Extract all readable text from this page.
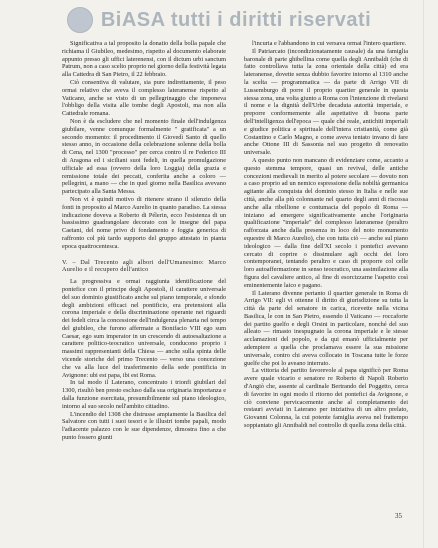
BiASA tutti i diritti riservati

Significativa a tal proposito la donatio della bolla papale che richiama il Giubileo, medesimo, rispetto al documento elaborate appunto presso gli uffici laterenensi, con il dictum urbi sanctum Patrum, non a caso scelto proprio nel giorno della festività legata alla Cattedra di San Pietro, il 22 febbraio.

Ciò consentiva di valutare, sia pure indirettamente, il peso ormai relativo che aveva il complesso lateranense rispetto al Vaticano, anche se visto di un pellegrinaggio che imponeva l'obbligo della visita alle tombe degli Apostoli, ma non alla Cattedrale romana.

Non è da escludere che nel momento finale dell'indulgenza giubilare, venne comunque formalmente " gratificata" a un secondo momento: il procedimento il Giovedì Santo di quello stesso anno, in occasione della celebrazione solenne della bolla di Cena, nel 1300 "processo" per cerca contro il re Federico III di Aragona ed i siciliani suoi fedeli, in quella promulgazione ufficiale ad essa (ovvero della loro Loggia) della grazia e remissione totale dei peccati, conferita anche a coloro — pellegrini, a mano — che in quel giorno nella Basilica avevano partecipato alla Santa Messa.

Non vi è quindi motivo di ritenere strano il silenzio della fonti in proposito al Marco Aurelio in quanto paradiso. La stessa indicazione doveva a Roberto di Pélerin, ecco l'esistenza di un bassissimo guadrangolare decorato con le insegne del papa Caetani, del nome privo di fondamento e foggia generica di raffronto col più tardo supporto del gruppo attestato in pianta epoca quattrocentesca.

V. – Dal Trecento agli albori dell'Umanesimo: Marco Aurelio e il recupero dell'antico

La progressiva e ormai raggiunta identificazione del pontefice con il principe degli Apostoli, il carattere universale del suo dominio giustificato anche sul piano temporale, e sfondo degli ambizioni efficaci nel pontificio, era pretensioni alla corona imperiale e della discriminazione operante nei riguardi dei fedeli circa la concessione dell'indulgenza plenaria nel tempo del giubileo, che furono affermate a Bonifacio VIII ego sum Caesar, ego sum imperator in un crescendo di autoesaltazione a carattere politico-teocratico universale, conducono proprio i massimi rappresentanti della Chiesa — anche sulla spinta delle vicende storiche del primo Trecento — verso una concezione che va alla luce del trasferimento della sede pontificia in Avignone: ubi est papa, ibi est Roma.

In tal modo il Laterano, concentrato i trionfi giubilari del 1300, risultò ben presto escluso dalla sua originaria importanza e dalla funzione esercitata, presumibilmente sul piano ideologico, intorno al suo secolo nell'ambito cittadino.

L'incendio del 1308 che distrusse ampiamente la Basilica del Salvatore con tutti i suoi tesori e le illustri tombe papali, modo l'adiacente palazzo con le sue dipendenze, dimostra fino a che punto fossero giunti

l'incuria e l'abbandono in cui versava ormai l'intero quartiere.

Il Patriarcato (incondizionatamente causale) da una famiglia baronale di parte ghibellina come quella degli Annibaldi (che di fatto controllava tutta la zona orientale della città) ed era lateranense, dovette senza dubbio favorire intorno al 1310 anche la scelta — programmatica — da parte di Arrigo VII di Lussemburgo di porre il proprio quartier generale in questa stessa zona, una volta giunto a Roma con l'intenzione di rivelarsi il nome e la dignità dell'Urbe decaduta autorità imperiale, e preporre conformemente alle aspettative di buona parte dell'intelligenza dell'epoca — quale ché reale, antichiti imperiali e giudice politica e spirituale dell'intera cristianità, come già Costantino e Carlo Magno, e come aveva tentato invano di fare anche Ottone III di Sassonia nel suo progetto di renovatio universale.

A questo punto non mancano di evidenziare come, accanto a questo stemma tempore, quasi un revival, delle antiche concezioni medievali in merito al potere secolare — dovuto non a caso proprio ad un nemico espressione della nobiltà germanica agitante alla conquista del dominio stesso in Italia e nelle sue città, anche alla più colonnante nel quarto degli anni di riscossa anche alla ribellione e contumacia del popolo di Roma — iniziano ad emergere significativamente anche l'originaria qualificazione "imperiale" del complesso lateranense (peraltro rafforzata anche dalla presenza in loco del noto monumento equestre di Marco Aurelio), che con tutta ciò — anche sul piano ideologico — dalla fine dell'XI secolo i pontefici avevano cercato di coprire o dissimulare agli occhi dei loro contemporanei, tentando peraltro e caso di proporre col celle loro autoaffermazione in senso teocratico, una assimilazione alla figura del cavaliere antico, al fine di esorcizzarne l'aspetto così eminentemente laico e pagano.

Il Laterano divenne pertanto il quartier generale in Roma di Arrigo VII: egli vi ottenne il diritto di giurisdizione su tutta la città da parte del senatore in carica, ricevette nella vicina Basilica, le con in San Pietro, essendo il Vaticano — roccaforte dei partito guelfo e degli Orsini in particolare, nonché del suo alleato — rimasto inespugnato la corona imperiale e le stesse acclamazioni del popolo, e da qui emanò ufficialmente per adempiere a quella che proclamava essere la sua missione universale, contro chi aveva collocato in Toscana tutte le forze guelfe che poi lo aveano interrato.

La vittoria del partito favorevole al papa significò per Roma avere quale vicario e senatore re Roberto di Napoli Roberto d'Angiò che, assente al cardinale Bertrando del Poggetto, cerca di favorire in ogni modo il ritorno dei pontefici da Avignone, e ciò conviene pervicacemente anche al completamento dei restauri avviati in Laterano per iniziativa di un altro prelato, Giovanni Colonna, la cui potente famiglia aveva nel frattempo soppiantato gli Annibaldi nel controllo di quella zona della città.

35
